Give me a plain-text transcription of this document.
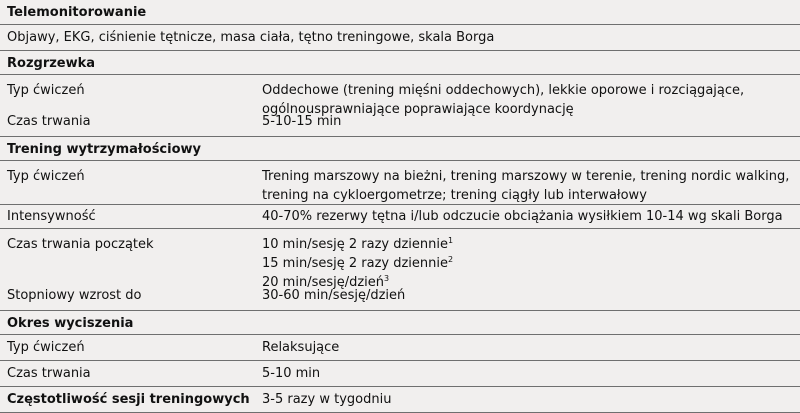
Telemonitorowanie
Objawy, EKG, ciśnienie tętnicze, masa ciała, tętno treningowe, skala Borga
Rozgrzewka
Typ ćwiczeń	Oddechowe (trening mięśni oddechowych), lekkie oporowe i rozciągające,
ogólnousprawniające poprawiające koordynację
Czas trwania	5-10-15 min
Trening wytrzymałościowy
Typ ćwiczeń	Trening marszowy na bieżni, trening marszowy w terenie, trening nordic walking,
trening na cykloergometrze; trening ciągły lub interwałowy
Intensywność	40-70% rezerwy tętna i/lub odczucie obciążania wysiłkiem 10-14 wg skali Borga
Czas trwania początek	10 min/sesję 2 razy dziennie$^1$
15 min/sesję 2 razy dziennie$^2$
20 min/sesję/dzień$^3$
Stopniowy wzrost do	30-60 min/sesję/dzień
Okres wyciszenia
Typ ćwiczeń	Relaksujące
Czas trwania	5-10 min
Częstotliwość sesji treningowych 3-5 razy w tygodniu
